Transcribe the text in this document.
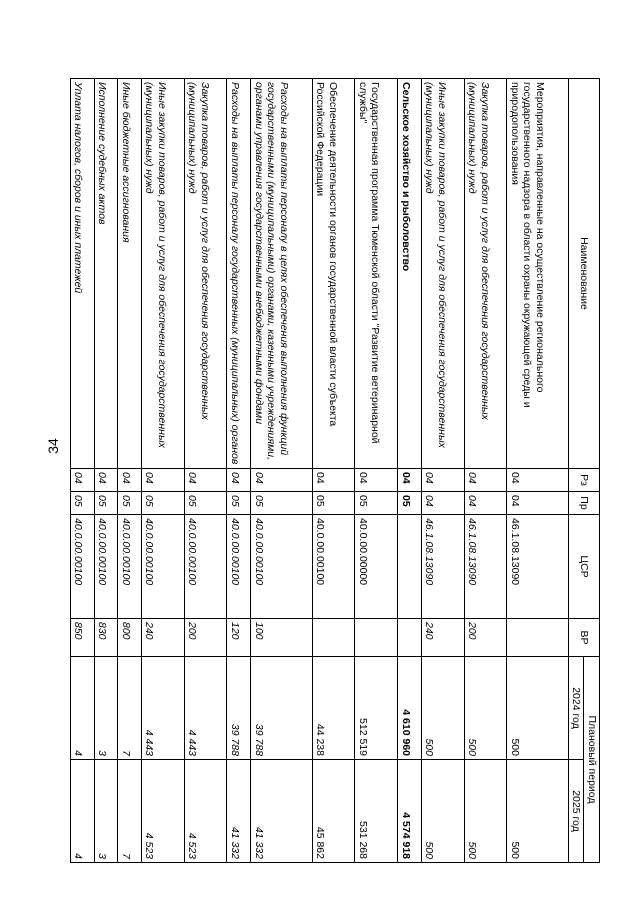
34
Наименование	Рз	Пр	ЦСР	ВР	Плановый период	
					2024 год	2025 год
Мероприятия, направленные на осуществление регионального государственного надзора в области охраны окружающей среды и природопользования	04	04	46.1.08.13090		500	500
Закупка товаров, работ и услуг для обеспечения государственных (муниципальных) нужд	04	04	46.1.08.13090	200	500	500
Иные закупки товаров, работ и услуг для обеспечения государственных (муниципальных) нужд	04	04	46.1.08.13090	240	500	500
Сельское хозяйство и рыболовство	04	05			4 610 960	4 574 918
Государственная программа Тюменской области "Развитие ветеринарной службы"	04	05	40.0.00.00000		512 519	531 268
Обеспечение деятельности органов государственной власти субъекта Российской Федерации	04	05	40.0.00.00100		44 238	45 862
Расходы на выплаты персоналу в целях обеспечения выполнения функций государственными (муниципальными) органами, казенными учреждениями, органами управления государственными внебюджетными фондами	04	05	40.0.00.00100	100	39 788	41 332
Расходы на выплаты персоналу государственных (муниципальных) органов	04	05	40.0.00.00100	120	39 788	41 332
Закупка товаров, работ и услуг для обеспечения государственных (муниципальных) нужд	04	05	40.0.00.00100	200	4 443	4 523
Иные закупки товаров, работ и услуг для обеспечения государственных (муниципальных) нужд	04	05	40.0.00.00100	240	4 443	4 523
Иные бюджетные ассигнования	04	05	40.0.00.00100	800	7	7
Исполнение судебных актов	04	05	40.0.00.00100	830	3	3
Уплата налогов, сборов и иных платежей	04	05	40.0.00.00100	850	4	4
